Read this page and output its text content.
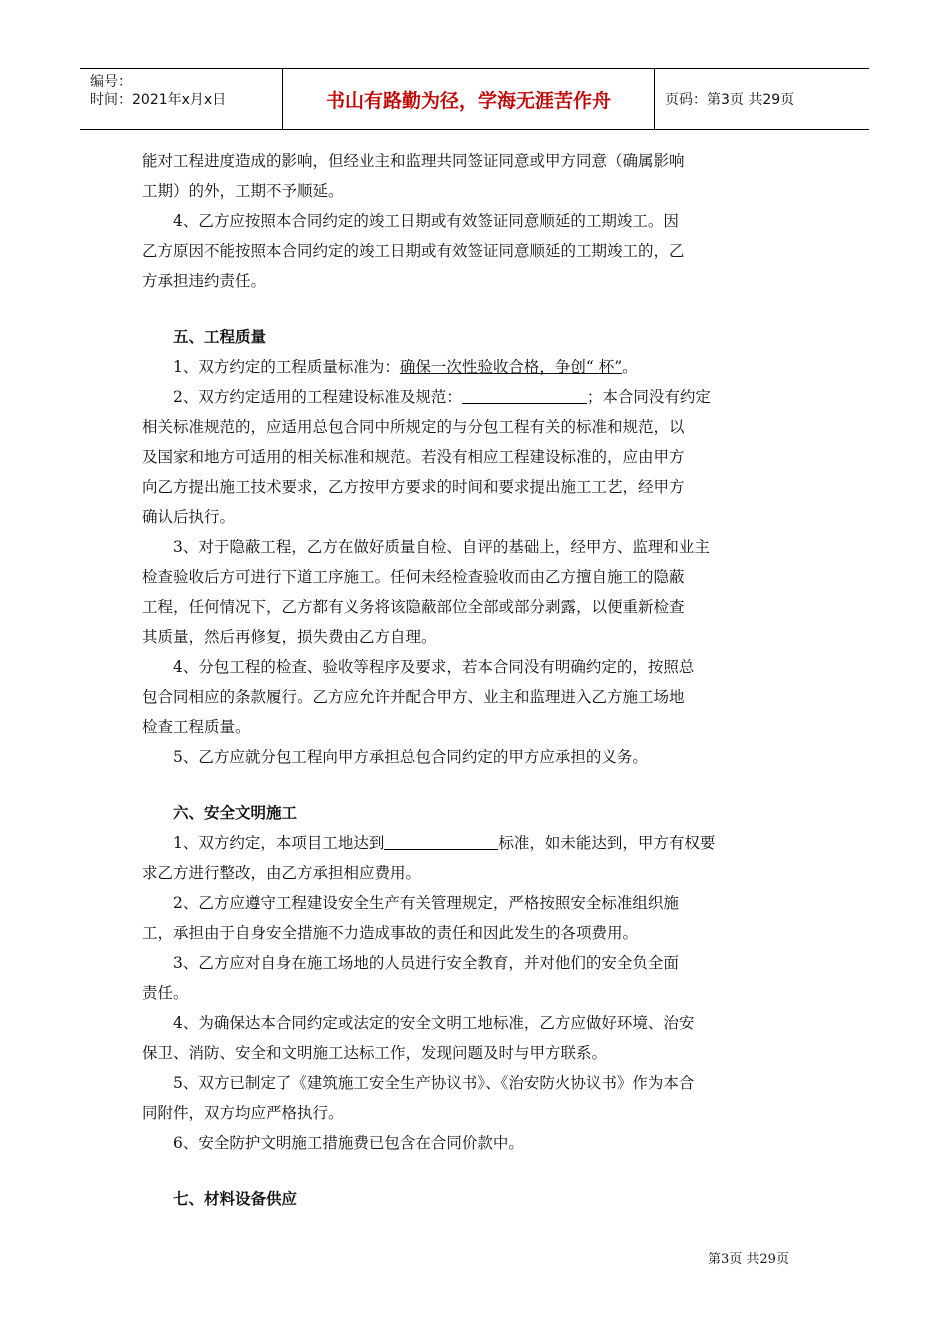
编号：
时间：2021年x月x日	书山有路勤为径，学海无涯苦作舟	页码：第3页 共29页
能对工程进度造成的影响，但经业主和监理共同签证同意或甲方同意（确属影响
工期）的外，工期不予顺延。
4、乙方应按照本合同约定的竣工日期或有效签证同意顺延的工期竣工。因
乙方原因不能按照本合同约定的竣工日期或有效签证同意顺延的工期竣工的，乙
方承担违约责任。
五、工程质量
1、双方约定的工程质量标准为：确保一次性验收合格，争创“ 杯”。
2、双方约定适用的工程建设标准及规范：	；本合同没有约定
相关标准规范的，应适用总包合同中所规定的与分包工程有关的标准和规范，以
及国家和地方可适用的相关标准和规范。若没有相应工程建设标准的，应由甲方
向乙方提出施工技术要求，乙方按甲方要求的时间和要求提出施工工艺，经甲方
确认后执行。
3、对于隐蔽工程，乙方在做好质量自检、自评的基础上，经甲方、监理和业主
检查验收后方可进行下道工序施工。任何未经检查验收而由乙方擅自施工的隐蔽
工程，任何情况下，乙方都有义务将该隐蔽部位全部或部分剥露，以便重新检查
其质量，然后再修复，损失费由乙方自理。
4、分包工程的检查、验收等程序及要求，若本合同没有明确约定的，按照总
包合同相应的条款履行。乙方应允许并配合甲方、业主和监理进入乙方施工场地
检查工程质量。
5、乙方应就分包工程向甲方承担总包合同约定的甲方应承担的义务。
六、安全文明施工
1、双方约定，本项目工地达到	标准，如未能达到，甲方有权要
求乙方进行整改，由乙方承担相应费用。
2、乙方应遵守工程建设安全生产有关管理规定，严格按照安全标准组织施
工，承担由于自身安全措施不力造成事故的责任和因此发生的各项费用。
3、乙方应对自身在施工场地的人员进行安全教育，并对他们的安全负全面
责任。
4、为确保达本合同约定或法定的安全文明工地标准，乙方应做好环境、治安
保卫、消防、安全和文明施工达标工作，发现问题及时与甲方联系。
5、双方已制定了《建筑施工安全生产协议书》、《治安防火协议书》作为本合
同附件，双方均应严格执行。
6、安全防护文明施工措施费已包含在合同价款中。
七、材料设备供应
第3页 共29页
